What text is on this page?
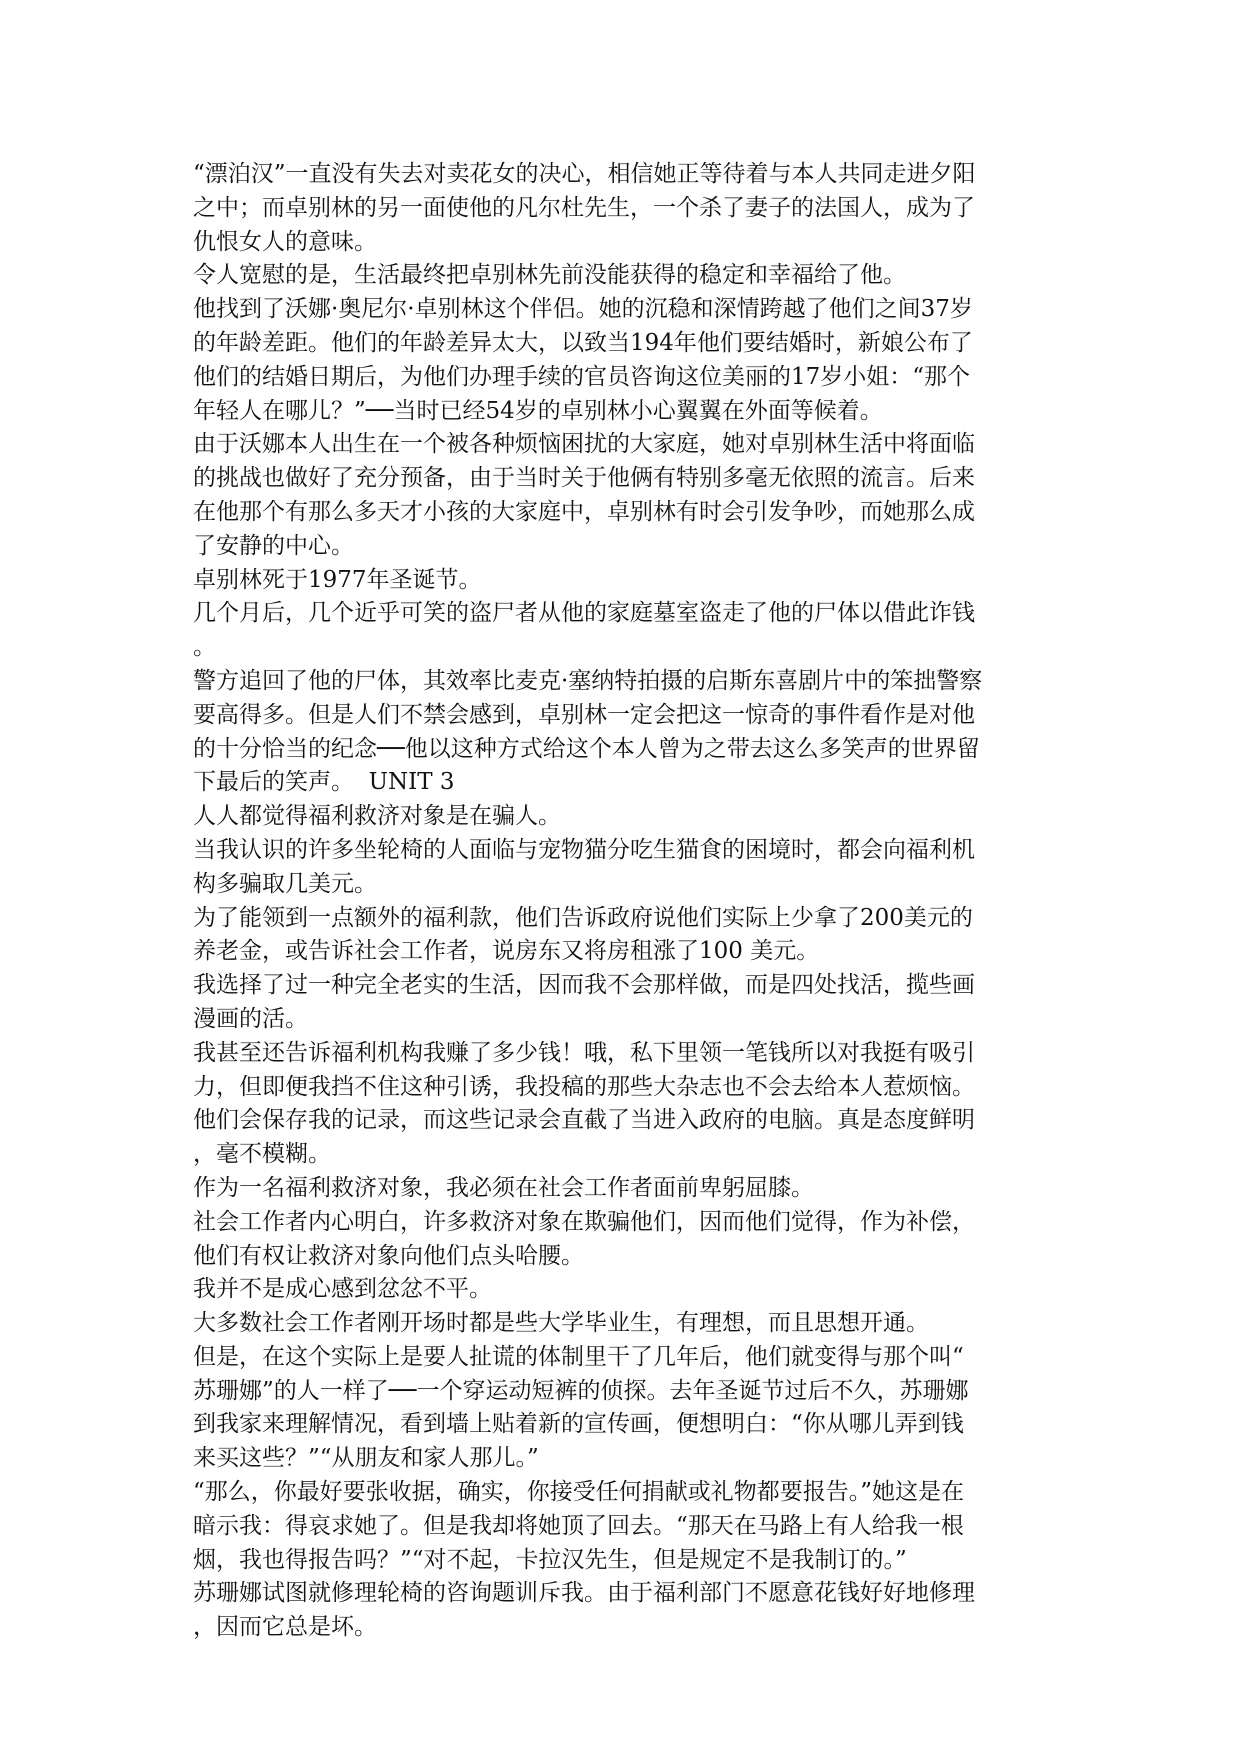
“漂泊汉”一直没有失去对卖花女的决心，相信她正等待着与本人共同走进夕阳
之中；而卓别林的另一面使他的凡尔杜先生，一个杀了妻子的法国人，成为了
仇恨女人的意味。
令人宽慰的是，生活最终把卓别林先前没能获得的稳定和幸福给了他。
他找到了沃娜·奥尼尔·卓别林这个伴侣。她的沉稳和深情跨越了他们之间37岁
的年龄差距。他们的年龄差异太大，以致当194年他们要结婚时，新娘公布了
他们的结婚日期后，为他们办理手续的官员咨询这位美丽的17岁小姐：“那个
年轻人在哪儿？”──当时已经54岁的卓别林小心翼翼在外面等候着。
由于沃娜本人出生在一个被各种烦恼困扰的大家庭，她对卓别林生活中将面临
的挑战也做好了充分预备，由于当时关于他俩有特别多毫无依照的流言。后来
在他那个有那么多天才小孩的大家庭中，卓别林有时会引发争吵，而她那么成
了安静的中心。
卓别林死于1977年圣诞节。
几个月后，几个近乎可笑的盗尸者从他的家庭墓室盗走了他的尸体以借此诈钱
。
警方追回了他的尸体，其效率比麦克·塞纳特拍摄的启斯东喜剧片中的笨拙警察
要高得多。但是人们不禁会感到，卓别林一定会把这一惊奇的事件看作是对他
的十分恰当的纪念──他以这种方式给这个本人曾为之带去这么多笑声的世界留
下最后的笑声。  UNIT 3
人人都觉得福利救济对象是在骗人。
当我认识的许多坐轮椅的人面临与宠物猫分吃生猫食的困境时，都会向福利机
构多骗取几美元。
为了能领到一点额外的福利款，他们告诉政府说他们实际上少拿了200美元的
养老金，或告诉社会工作者，说房东又将房租涨了100 美元。
我选择了过一种完全老实的生活，因而我不会那样做，而是四处找活，揽些画
漫画的活。
我甚至还告诉福利机构我赚了多少钱！哦，私下里领一笔钱所以对我挺有吸引
力，但即便我挡不住这种引诱，我投稿的那些大杂志也不会去给本人惹烦恼。
他们会保存我的记录，而这些记录会直截了当进入政府的电脑。真是态度鲜明
，毫不模糊。
作为一名福利救济对象，我必须在社会工作者面前卑躬屈膝。
社会工作者内心明白，许多救济对象在欺骗他们，因而他们觉得，作为补偿，
他们有权让救济对象向他们点头哈腰。
我并不是成心感到忿忿不平。
大多数社会工作者刚开场时都是些大学毕业生，有理想，而且思想开通。
但是，在这个实际上是要人扯谎的体制里干了几年后，他们就变得与那个叫“
苏珊娜”的人一样了──一个穿运动短裤的侦探。去年圣诞节过后不久，苏珊娜
到我家来理解情况，看到墙上贴着新的宣传画，便想明白：“你从哪儿弄到钱
来买这些？”“从朋友和家人那儿。”
“那么，你最好要张收据，确实，你接受任何捐献或礼物都要报告。”她这是在
暗示我：得哀求她了。但是我却将她顶了回去。“那天在马路上有人给我一根
烟，我也得报告吗？”“对不起，卡拉汉先生，但是规定不是我制订的。”
苏珊娜试图就修理轮椅的咨询题训斥我。由于福利部门不愿意花钱好好地修理
，因而它总是坏。
